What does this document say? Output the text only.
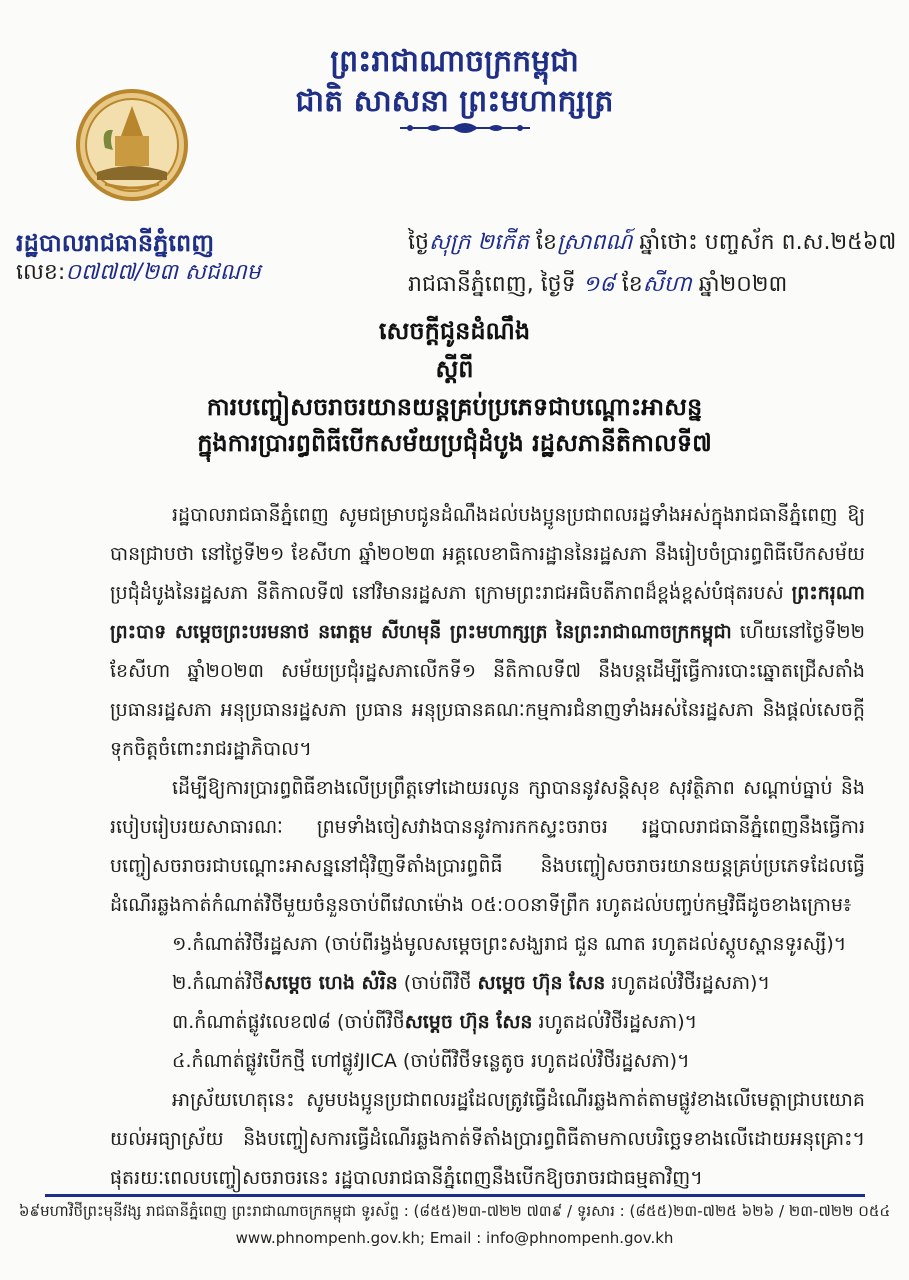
ព្រះរាជាណាចក្រកម្ពុជា
ជាតិ សាសនា ព្រះមហាក្សត្រ
រដ្ឋបាលរាជធានីភ្នំពេញ
លេខ:០៧៧៧/២៣ សជណម
ថ្ងៃសុក្រ ២កើត ខែស្រាពណ៍ ឆ្នាំថោះ បញ្ចស័ក ព.ស.២៥៦៧
រាជធានីភ្នំពេញ, ថ្ងៃទី ១៨ ខែសីហា ឆ្នាំ២០២៣
សេចក្តីជូនដំណឹង
ស្តីពី
ការបញ្ចៀសចរាចរយានយន្តគ្រប់ប្រភេទជាបណ្តោះអាសន្ន
ក្នុងការប្រារព្ធពិធីបើកសម័យប្រជុំដំបូង រដ្ឋសភានីតិកាលទី៧

រដ្ឋបាលរាជធានីភ្នំពេញ សូមជម្រាបជូនដំណឹងដល់បងប្អូនប្រជាពលរដ្ឋទាំងអស់ក្នុងរាជធានីភ្នំពេញ ឱ្យបានជ្រាបថា នៅថ្ងៃទី២១ ខែសីហា ឆ្នាំ២០២៣ អគ្គលេខាធិការដ្ឋាននៃរដ្ឋសភា នឹងរៀបចំប្រារព្ធពិធីបើកសម័យប្រជុំដំបូងនៃរដ្ឋសភា នីតិកាលទី៧ នៅវិមានរដ្ឋសភា ក្រោមព្រះរាជអធិបតីភាពដ៏ខ្ពង់ខ្ពស់បំផុតរបស់ ព្រះករុណាព្រះបាទ សម្តេចព្រះបរមនាថ នរោត្តម សីហមុនី ព្រះមហាក្សត្រ នៃព្រះរាជាណាចក្រកម្ពុជា ហើយនៅថ្ងៃទី២២ ខែសីហា ឆ្នាំ២០២៣ សម័យប្រជុំរដ្ឋសភាលើកទី១ នីតិកាលទី៧ នឹងបន្តដើម្បីធ្វើការបោះឆ្នោតជ្រើសតាំងប្រធានរដ្ឋសភា អនុប្រធានរដ្ឋសភា ប្រធាន អនុប្រធានគណៈកម្មការជំនាញទាំងអស់នៃរដ្ឋសភា និងផ្តល់សេចក្តីទុកចិត្តចំពោះរាជរដ្ឋាភិបាល។

ដើម្បីឱ្យការប្រារព្ធពិធីខាងលើប្រព្រឹត្តទៅដោយរលូន ក្សាបាននូវសន្តិសុខ សុវត្ថិភាព សណ្តាប់ធ្នាប់ និងរបៀបរៀបរយសាធារណៈ ព្រមទាំងចៀសវាងបាននូវការកកស្ទះចរាចរ រដ្ឋបាលរាជធានីភ្នំពេញនឹងធ្វើការបញ្ចៀសចរាចរជាបណ្តោះអាសន្ននៅជុំវិញទីតាំងប្រារព្ធពិធី និងបញ្ចៀសចរាចរយានយន្តគ្រប់ប្រភេទដែលធ្វើដំណើរឆ្លងកាត់កំណាត់វិថីមួយចំនួនចាប់ពីវេលាម៉ោង ០៥:០០នាទីព្រឹក រហូតដល់បញ្ចប់កម្មវិធីដូចខាងក្រោម៖

១.កំណាត់វិថីរដ្ឋសភា (ចាប់ពីរង្វង់មូលសម្តេចព្រះសង្ឃរាជ ជួន ណាត រហូតដល់ស្តូបស្ពានទូរស្សី)។
២.កំណាត់វិថីសម្តេច ហេង សំរិន (ចាប់ពីវិថី សម្តេច ហ៊ុន សែន រហូតដល់វិថីរដ្ឋសភា)។
៣.កំណាត់ផ្លូវលេខ៧៨ (ចាប់ពីវិថីសម្តេច ហ៊ុន សែន រហូតដល់វិថីរដ្ឋសភា)។
៤.កំណាត់ផ្លូវបើកថ្មី ហៅផ្លូវJICA (ចាប់ពីវិថីទន្លេតូច រហូតដល់វិថីរដ្ឋសភា)។

អាស្រ័យហេតុនេះ សូមបងប្អូនប្រជាពលរដ្ឋដែលត្រូវធ្វើដំណើរឆ្លងកាត់តាមផ្លូវខាងលើមេត្តាជ្រាបយោគយល់អធ្យាស្រ័យ និងបញ្ចៀសការធ្វើដំណើរឆ្លងកាត់ទីតាំងប្រារព្ធពិធីតាមកាលបរិច្ឆេទខាងលើដោយអនុគ្រោះ។ ផុតរយៈពេលបញ្ចៀសចរាចរនេះ រដ្ឋបាលរាជធានីភ្នំពេញនឹងបើកឱ្យចរាចរជាធម្មតាវិញ។

៦៩មហាវិថីព្រះមុនីវង្ស រាជធានីភ្នំពេញ ព្រះរាជាណាចក្រកម្ពុជា ទូរស័ព្ទ : (៨៥៥)២៣-៧២២ ៧៣៩ / ទូរសារ : (៨៥៥)២៣-៧២៥ ៦២៦ / ២៣-៧២២ ០៥៤
www.phnompenh.gov.kh; Email : info@phnompenh.gov.kh
